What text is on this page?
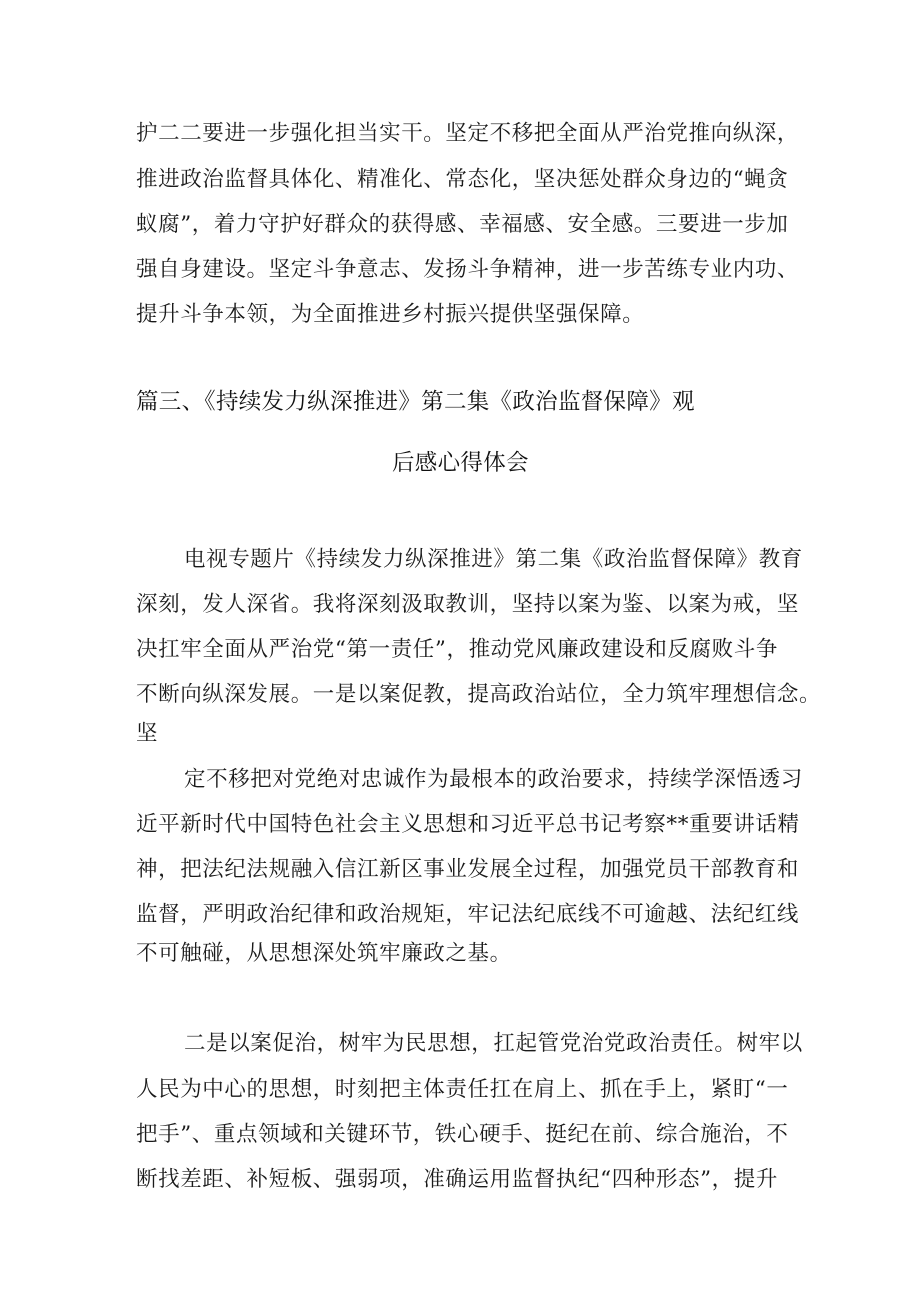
护二二要进一步强化担当实干。坚定不移把全面从严治党推向纵深，
推进政治监督具体化、精准化、常态化，坚决惩处群众身边的“蝇贪
蚁腐”，着力守护好群众的获得感、幸福感、安全感。三要进一步加
强自身建设。坚定斗争意志、发扬斗争精神，进一步苦练专业内功、
提升斗争本领，为全面推进乡村振兴提供坚强保障。
篇三、《持续发力纵深推进》第二集《政治监督保障》观
后感心得体会
电视专题片《持续发力纵深推进》第二集《政治监督保障》教育
深刻，发人深省。我将深刻汲取教训，坚持以案为鉴、以案为戒，坚
决扛牢全面从严治党“第一责任”，推动党风廉政建设和反腐败斗争
不断向纵深发展。一是以案促教，提高政治站位，全力筑牢理想信念。
坚
定不移把对党绝对忠诚作为最根本的政治要求，持续学深悟透习
近平新时代中国特色社会主义思想和习近平总书记考察**重要讲话精
神，把法纪法规融入信江新区事业发展全过程，加强党员干部教育和
监督，严明政治纪律和政治规矩，牢记法纪底线不可逾越、法纪红线
不可触碰，从思想深处筑牢廉政之基。
二是以案促治，树牢为民思想，扛起管党治党政治责任。树牢以
人民为中心的思想，时刻把主体责任扛在肩上、抓在手上，紧盯“一
把手”、重点领域和关键环节，铁心硬手、挺纪在前、综合施治，不
断找差距、补短板、强弱项，准确运用监督执纪“四种形态”，提升
